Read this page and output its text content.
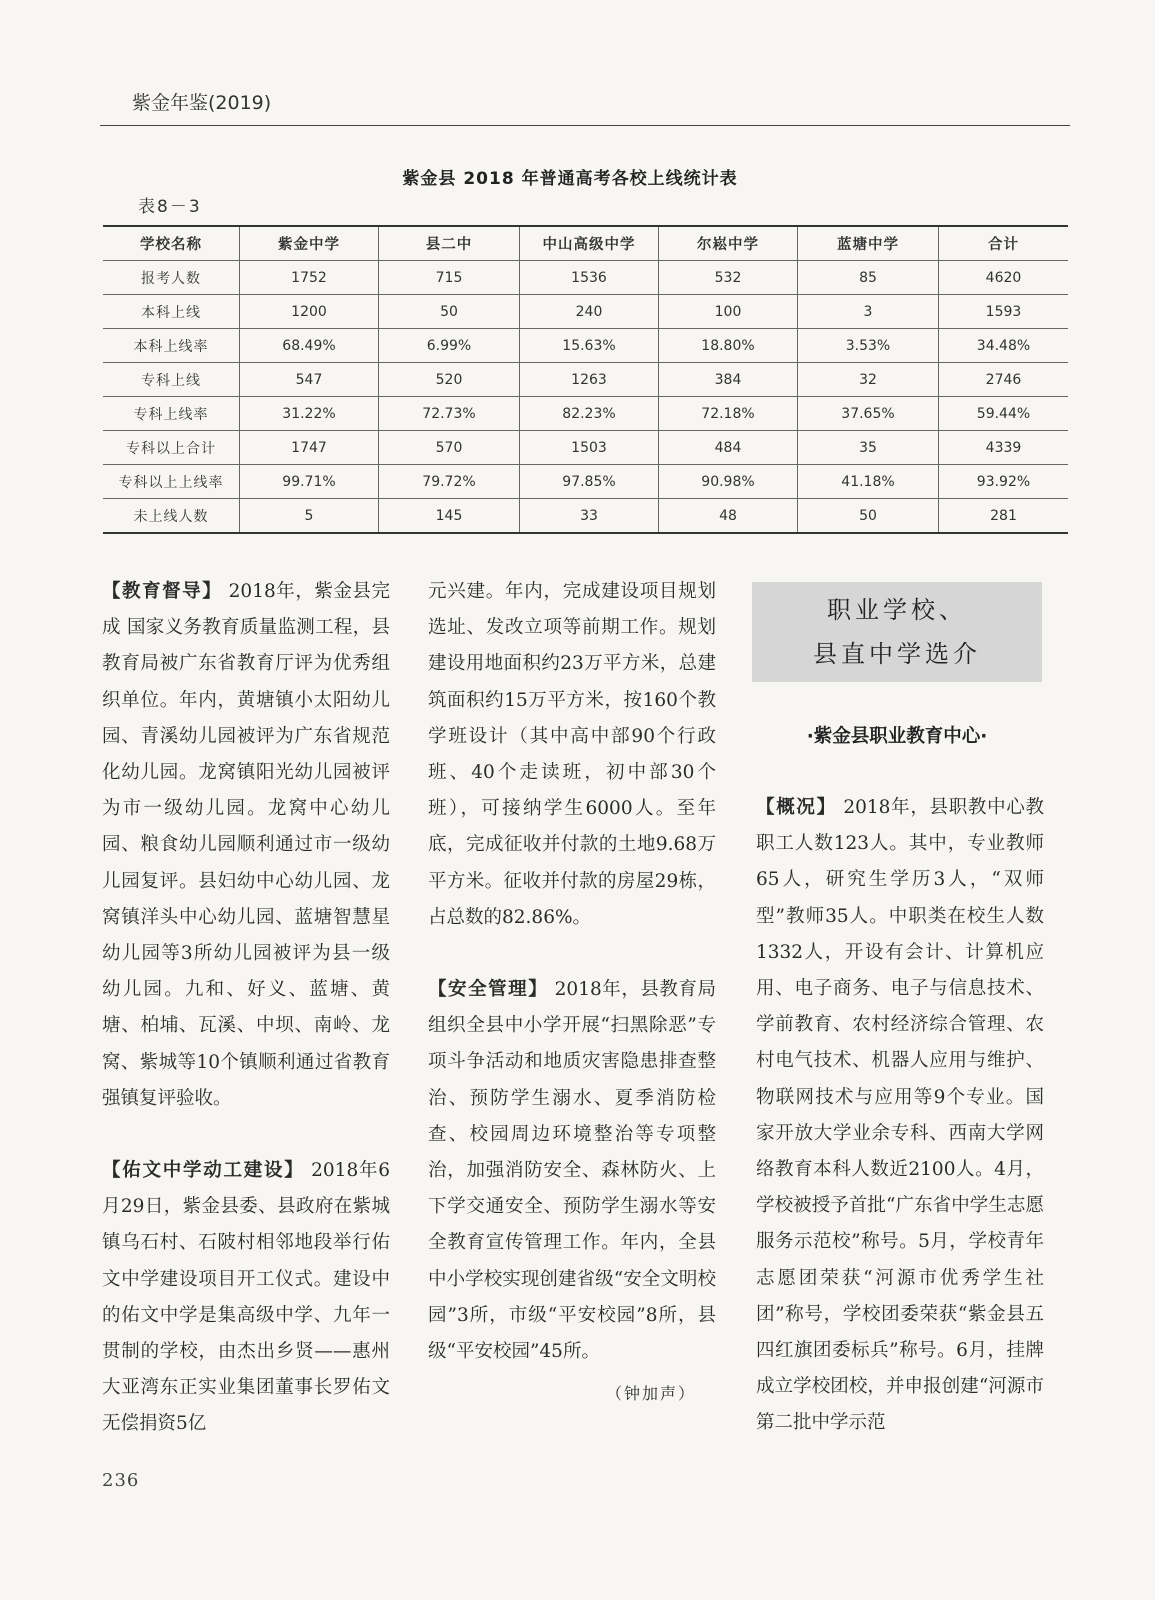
紫金年鉴(2019)
紫金县 2018 年普通高考各校上线统计表
表8－3
学校名称	紫金中学	县二中	中山高级中学	尔崧中学	蓝塘中学	合计
报考人数	1752	715	1536	532	85	4620
本科上线	1200	50	240	100	3	1593
本科上线率	68.49%	6.99%	15.63%	18.80%	3.53%	34.48%
专科上线	547	520	1263	384	32	2746
专科上线率	31.22%	72.73%	82.23%	72.18%	37.65%	59.44%
专科以上合计	1747	570	1503	484	35	4339
专科以上上线率	99.71%	79.72%	97.85%	90.98%	41.18%	93.92%
未上线人数	5	145	33	48	50	281

【教育督导】 2018年，紫金县完成 国家义务教育质量监测工程，县教育局被广东省教育厅评为优秀组织单位。年内，黄塘镇小太阳幼儿园、青溪幼儿园被评为广东省规范化幼儿园。龙窝镇阳光幼儿园被评为市一级幼儿园。龙窝中心幼儿园、粮食幼儿园顺利通过市一级幼儿园复评。县妇幼中心幼儿园、龙窝镇洋头中心幼儿园、蓝塘智慧星幼儿园等3所幼儿园被评为县一级幼儿园。九和、好义、蓝塘、黄塘、柏埔、瓦溪、中坝、南岭、龙窝、紫城等10个镇顺利通过省教育强镇复评验收。

【佑文中学动工建设】 2018年6月29日，紫金县委、县政府在紫城镇乌石村、石陂村相邻地段举行佑文中学建设项目开工仪式。建设中的佑文中学是集高级中学、九年一贯制的学校，由杰出乡贤——惠州大亚湾东正实业集团董事长罗佑文无偿捐资5亿

元兴建。年内，完成建设项目规划选址、发改立项等前期工作。规划建设用地面积约23万平方米，总建筑面积约15万平方米，按160个教学班设计（其中高中部90个行政班、40个走读班，初中部30个班），可接纳学生6000人。至年底，完成征收并付款的土地9.68万平方米。征收并付款的房屋29栋，占总数的82.86%。

【安全管理】 2018年，县教育局组织全县中小学开展“扫黑除恶”专项斗争活动和地质灾害隐患排查整治、预防学生溺水、夏季消防检查、校园周边环境整治等专项整治，加强消防安全、森林防火、上下学交通安全、预防学生溺水等安全教育宣传管理工作。年内，全县中小学校实现创建省级“安全文明校园”3所，市级“平安校园”8所，县级“平安校园”45所。

（钟加声）

职业学校、
县直中学选介
·紫金县职业教育中心·

【概况】 2018年，县职教中心教职工人数123人。其中，专业教师65人，研究生学历3人，“双师型”教师35人。中职类在校生人数1332人，开设有会计、计算机应用、电子商务、电子与信息技术、学前教育、农村经济综合管理、农村电气技术、机器人应用与维护、物联网技术与应用等9个专业。国家开放大学业余专科、西南大学网络教育本科人数近2100人。4月，学校被授予首批“广东省中学生志愿服务示范校”称号。5月，学校青年志愿团荣获“河源市优秀学生社团”称号，学校团委荣获“紫金县五四红旗团委标兵”称号。6月，挂牌成立学校团校，并申报创建“河源市第二批中学示范

236
